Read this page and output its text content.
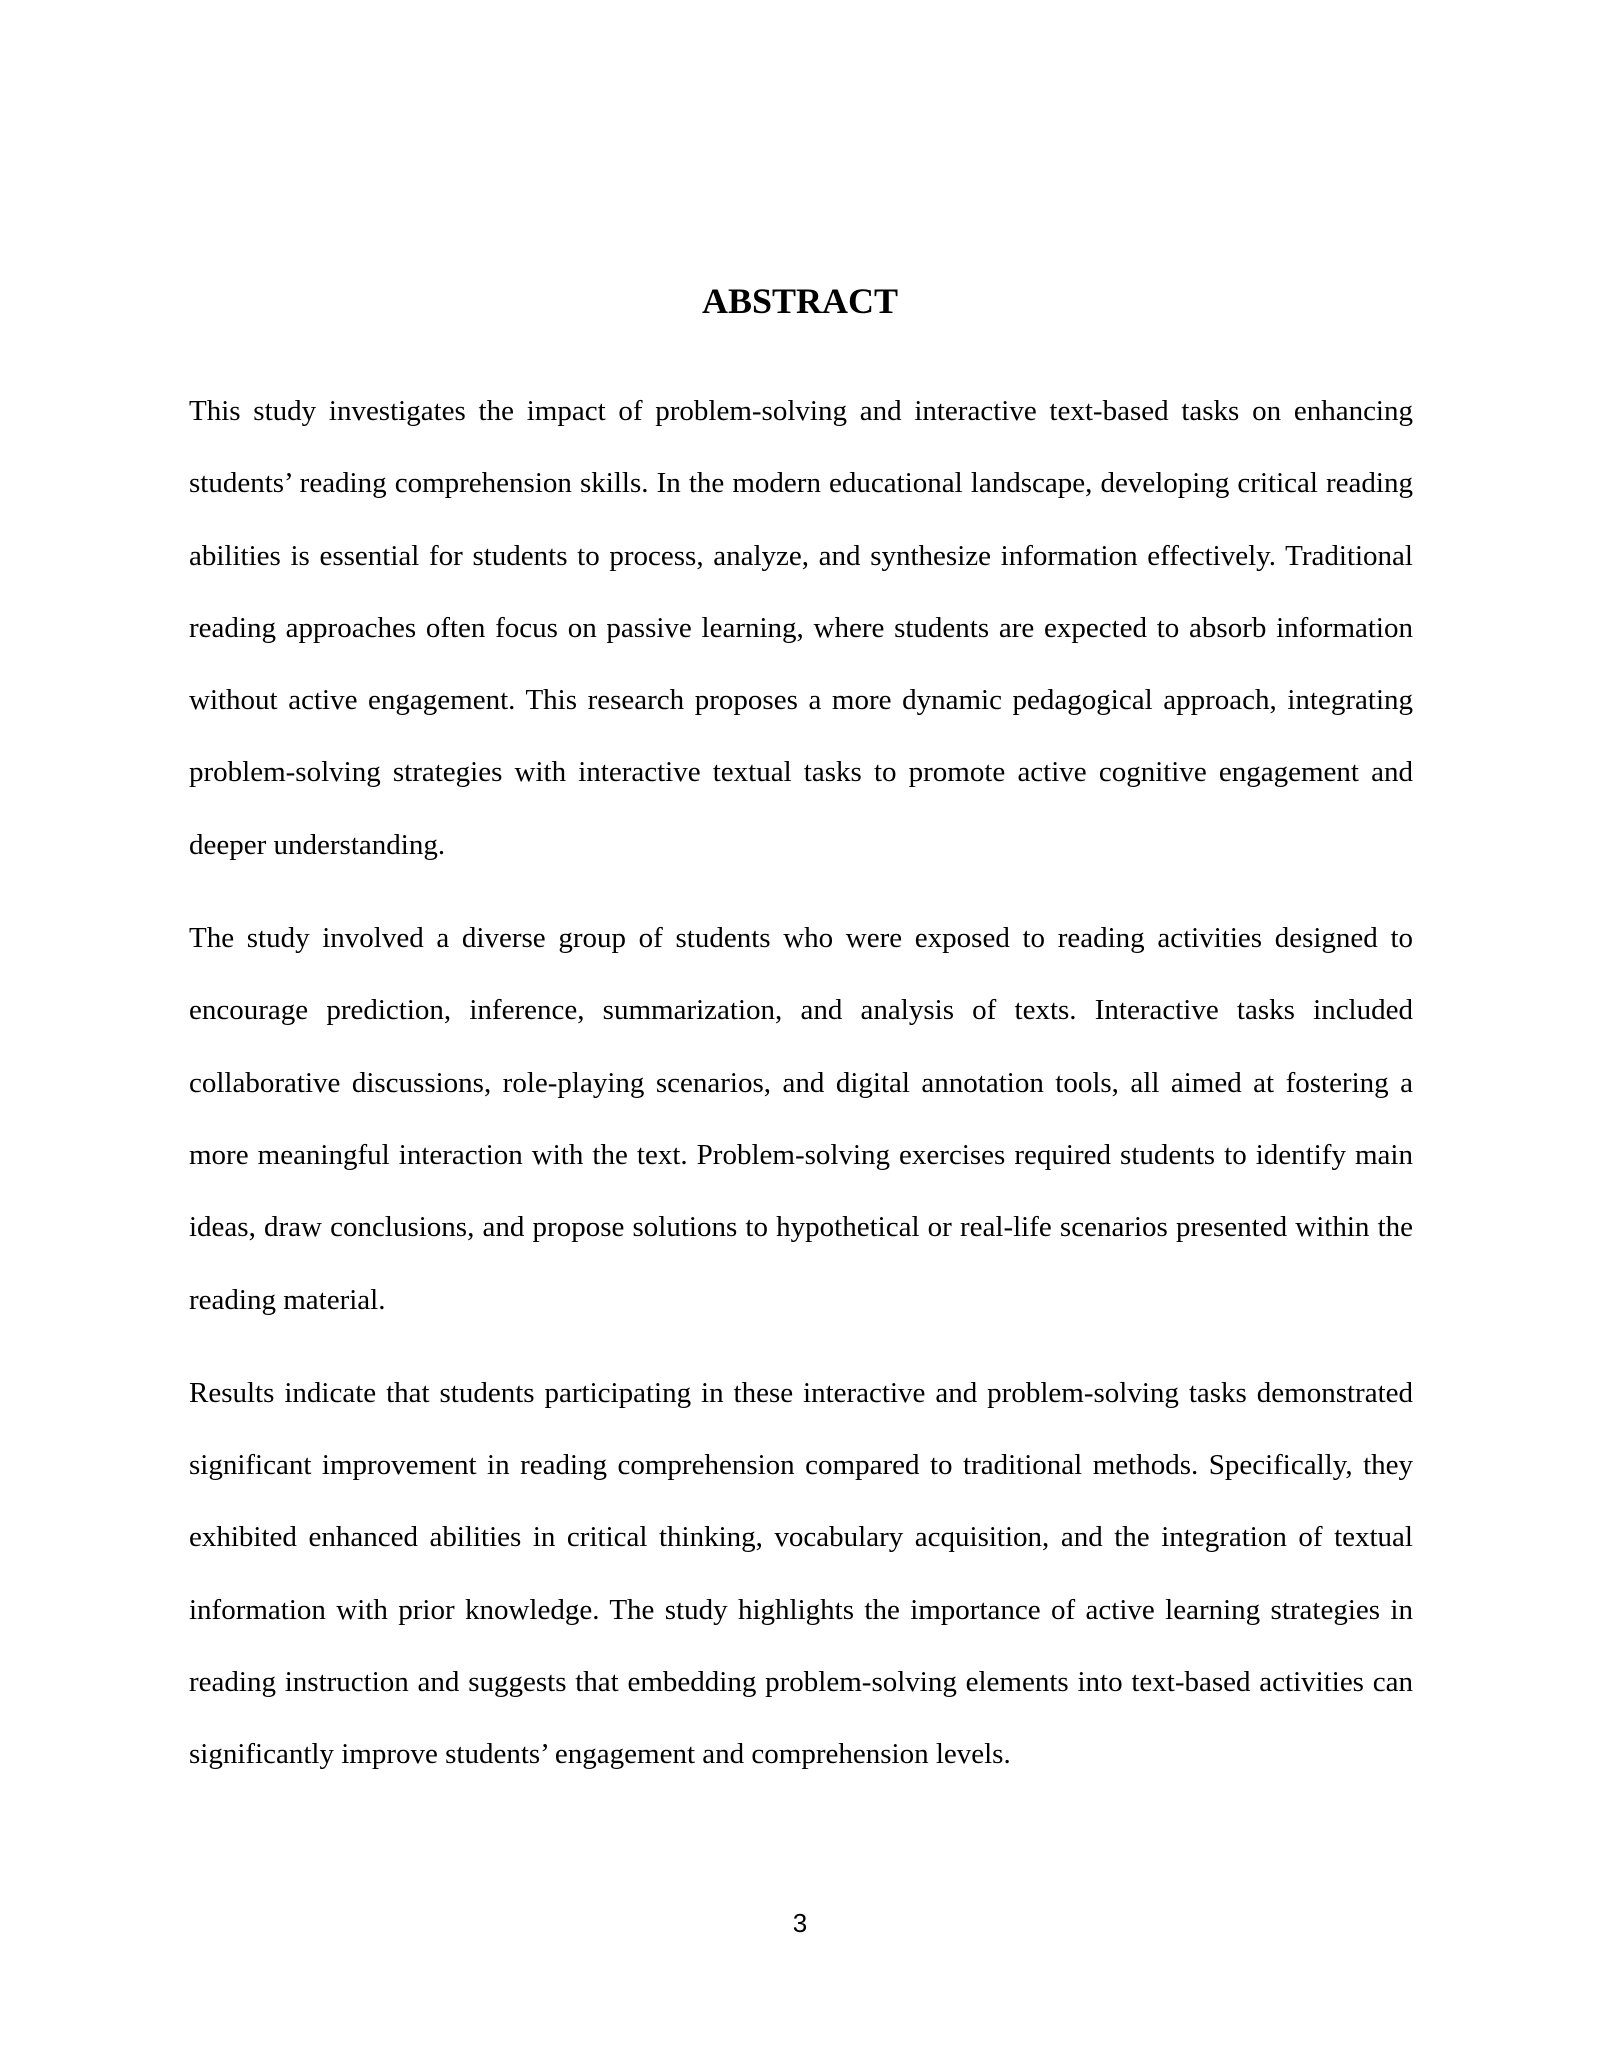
ABSTRACT

This study investigates the impact of problem-solving and interactive text-based tasks on enhancing students’ reading comprehension skills. In the modern educational landscape, developing critical reading abilities is essential for students to process, analyze, and synthesize information effectively. Traditional reading approaches often focus on passive learning, where students are expected to absorb information without active engagement. This research proposes a more dynamic pedagogical approach, integrating problem-solving strategies with interactive textual tasks to promote active cognitive engagement and deeper understanding.

The study involved a diverse group of students who were exposed to reading activities designed to encourage prediction, inference, summarization, and analysis of texts. Interactive tasks included collaborative discussions, role-playing scenarios, and digital annotation tools, all aimed at fostering a more meaningful interaction with the text. Problem-solving exercises required students to identify main ideas, draw conclusions, and propose solutions to hypothetical or real-life scenarios presented within the reading material.

Results indicate that students participating in these interactive and problem-solving tasks demonstrated significant improvement in reading comprehension compared to traditional methods. Specifically, they exhibited enhanced abilities in critical thinking, vocabulary acquisition, and the integration of textual information with prior knowledge. The study highlights the importance of active learning strategies in reading instruction and suggests that embedding problem-solving elements into text-based activities can significantly improve students’ engagement and comprehension levels.

3
